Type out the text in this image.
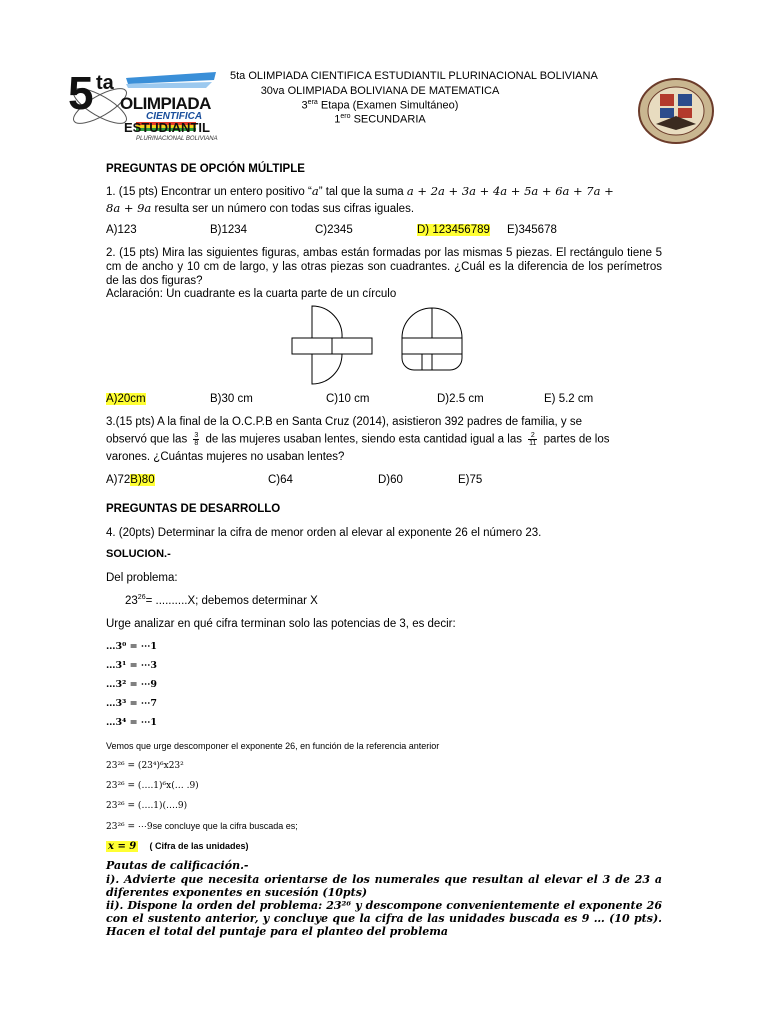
5 ta
OLIMPIADA
CIENTIFICA
ESTUDIANTIL
PLURINACIONAL BOLIVIANA
5ta OLIMPIADA CIENTIFICA ESTUDIANTIL PLURINACIONAL BOLIVIANA
30va OLIMPIADA BOLIVIANA DE MATEMATICA
$3^{era}$ Etapa (Examen Simultáneo)
$1^{ero}$ SECUNDARIA
PREGUNTAS DE OPCIÓN MÚLTIPLE
1. (15 pts) Encontrar un entero positivo “a” tal que la suma a + 2a + 3a + 4a + 5a + 6a + 7a +
8a + 9a resulta ser un número con todas sus cifras iguales.
A)123	B)1234	C)2345	D) 123456789 E)345678
2. (15 pts) Mira las siguientes figuras, ambas están formadas por las mismas 5 piezas. El rectángulo tiene 5 cm de ancho y 10 cm de largo, y las otras piezas son cuadrantes. ¿Cuál es la diferencia de los perímetros de las dos figuras?
Aclaración: Un cuadrante es la cuarta parte de un círculo
A)20cm	B)30 cm	C)10 cm	D)2.5 cm	E) 5.2 cm
3.(15 pts) A la final de la O.C.P.B en Santa Cruz (2014), asistieron 392 padres de familia, y se
observó que las $\frac{3}{8}$ de las mujeres usaban lentes, siendo esta cantidad igual a las $\frac{2}{11}$ partes de los
varones. ¿Cuántas mujeres no usaban lentes?
A)72B)80	C)64	D)60	E)75
PREGUNTAS DE DESARROLLO
4. (20pts) Determinar la cifra de menor orden al elevar al exponente 26 el número 23.
SOLUCION.-
Del problema:
$23^{26}= ..........X$; debemos determinar X
Urge analizar en qué cifra terminan solo las potencias de 3, es decir:
…3⁰ = ⋯1
…3¹ = ⋯3
…3² = ⋯9
…3³ = ⋯7
…3⁴ = ⋯1
Vemos que urge descomponer el exponente 26, en función de la referencia anterior
23²⁶ = (23⁴)⁶x23²
23²⁶ = (….1)⁶x(… .9)
23²⁶ = (….1)(….9)
23²⁶ = ⋯9se concluye que la cifra buscada es;
x = 9 ( Cifra de las unidades)
Pautas de calificación.-
i). Advierte que necesita orientarse de los numerales que resultan al elevar el 3 de 23 a diferentes exponentes en sucesión (10pts)
ii). Dispone la orden del problema: 23²⁶ y descompone convenientemente el exponente 26 con el sustento anterior, y concluye que la cifra de las unidades buscada es 9 … (10 pts). Hacen el total del puntaje para el planteo del problema
